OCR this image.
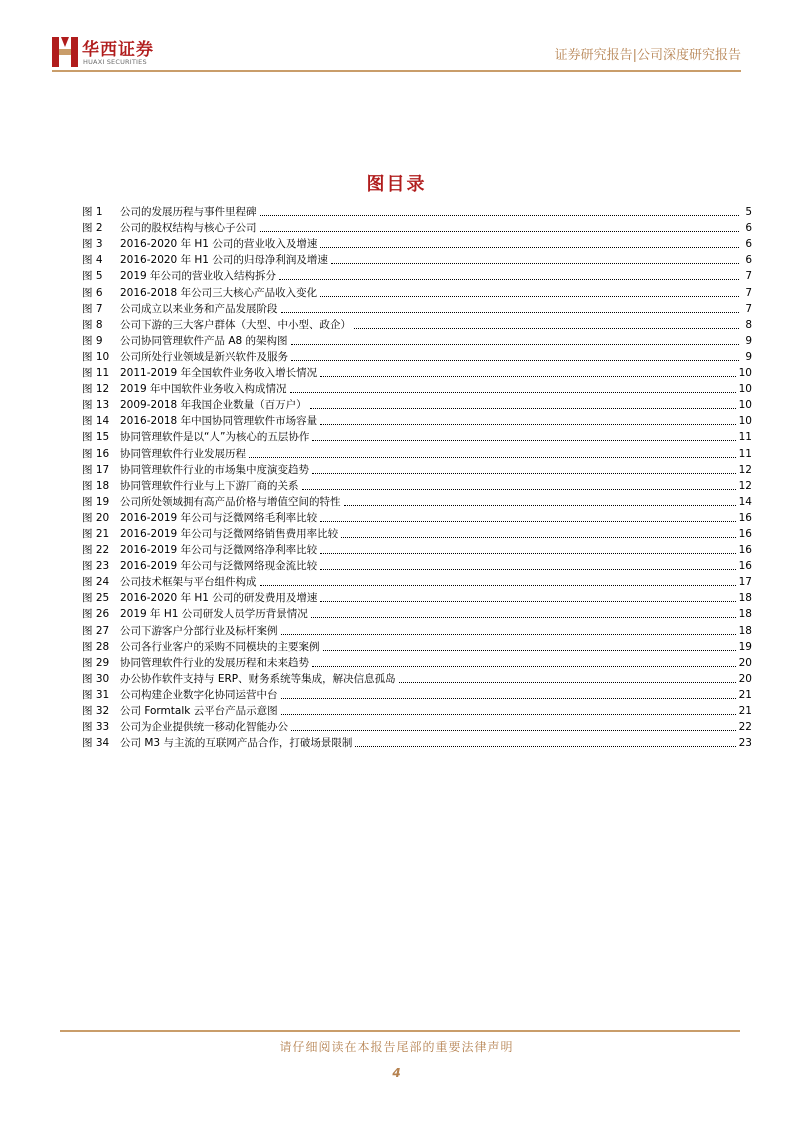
华西证券
HUAXI SECURITIES	证券研究报告|公司深度研究报告
图目录
图 1	公司的发展历程与事件里程碑	5
图 2	公司的股权结构与核心子公司	6
图 3	2016-2020 年 H1 公司的营业收入及增速	6
图 4	2016-2020 年 H1 公司的归母净利润及增速	6
图 5	2019 年公司的营业收入结构拆分	7
图 6	2016-2018 年公司三大核心产品收入变化	7
图 7	公司成立以来业务和产品发展阶段	7
图 8	公司下游的三大客户群体（大型、中小型、政企）	8
图 9	公司协同管理软件产品 A8 的架构图	9
图 10	公司所处行业领域是新兴软件及服务	9
图 11	2011-2019 年全国软件业务收入增长情况	10
图 12	2019 年中国软件业务收入构成情况	10
图 13	2009-2018 年我国企业数量（百万户）	10
图 14	2016-2018 年中国协同管理软件市场容量	10
图 15	协同管理软件是以“人”为核心的五层协作	11
图 16	协同管理软件行业发展历程	11
图 17	协同管理软件行业的市场集中度演变趋势	12
图 18	协同管理软件行业与上下游厂商的关系	12
图 19	公司所处领域拥有高产品价格与增值空间的特性	14
图 20	2016-2019 年公司与泛微网络毛利率比较	16
图 21	2016-2019 年公司与泛微网络销售费用率比较	16
图 22	2016-2019 年公司与泛微网络净利率比较	16
图 23	2016-2019 年公司与泛微网络现金流比较	16
图 24	公司技术框架与平台组件构成	17
图 25	2016-2020 年 H1 公司的研发费用及增速	18
图 26	2019 年 H1 公司研发人员学历背景情况	18
图 27	公司下游客户分部行业及标杆案例	18
图 28	公司各行业客户的采购不同模块的主要案例	19
图 29	协同管理软件行业的发展历程和未来趋势	20
图 30	办公协作软件支持与 ERP、财务系统等集成，解决信息孤岛	20
图 31	公司构建企业数字化协同运营中台	21
图 32	公司 Formtalk 云平台产品示意图	21
图 33	公司为企业提供统一移动化智能办公	22
图 34	公司 M3 与主流的互联网产品合作，打破场景限制	23
请仔细阅读在本报告尾部的重要法律声明
4
